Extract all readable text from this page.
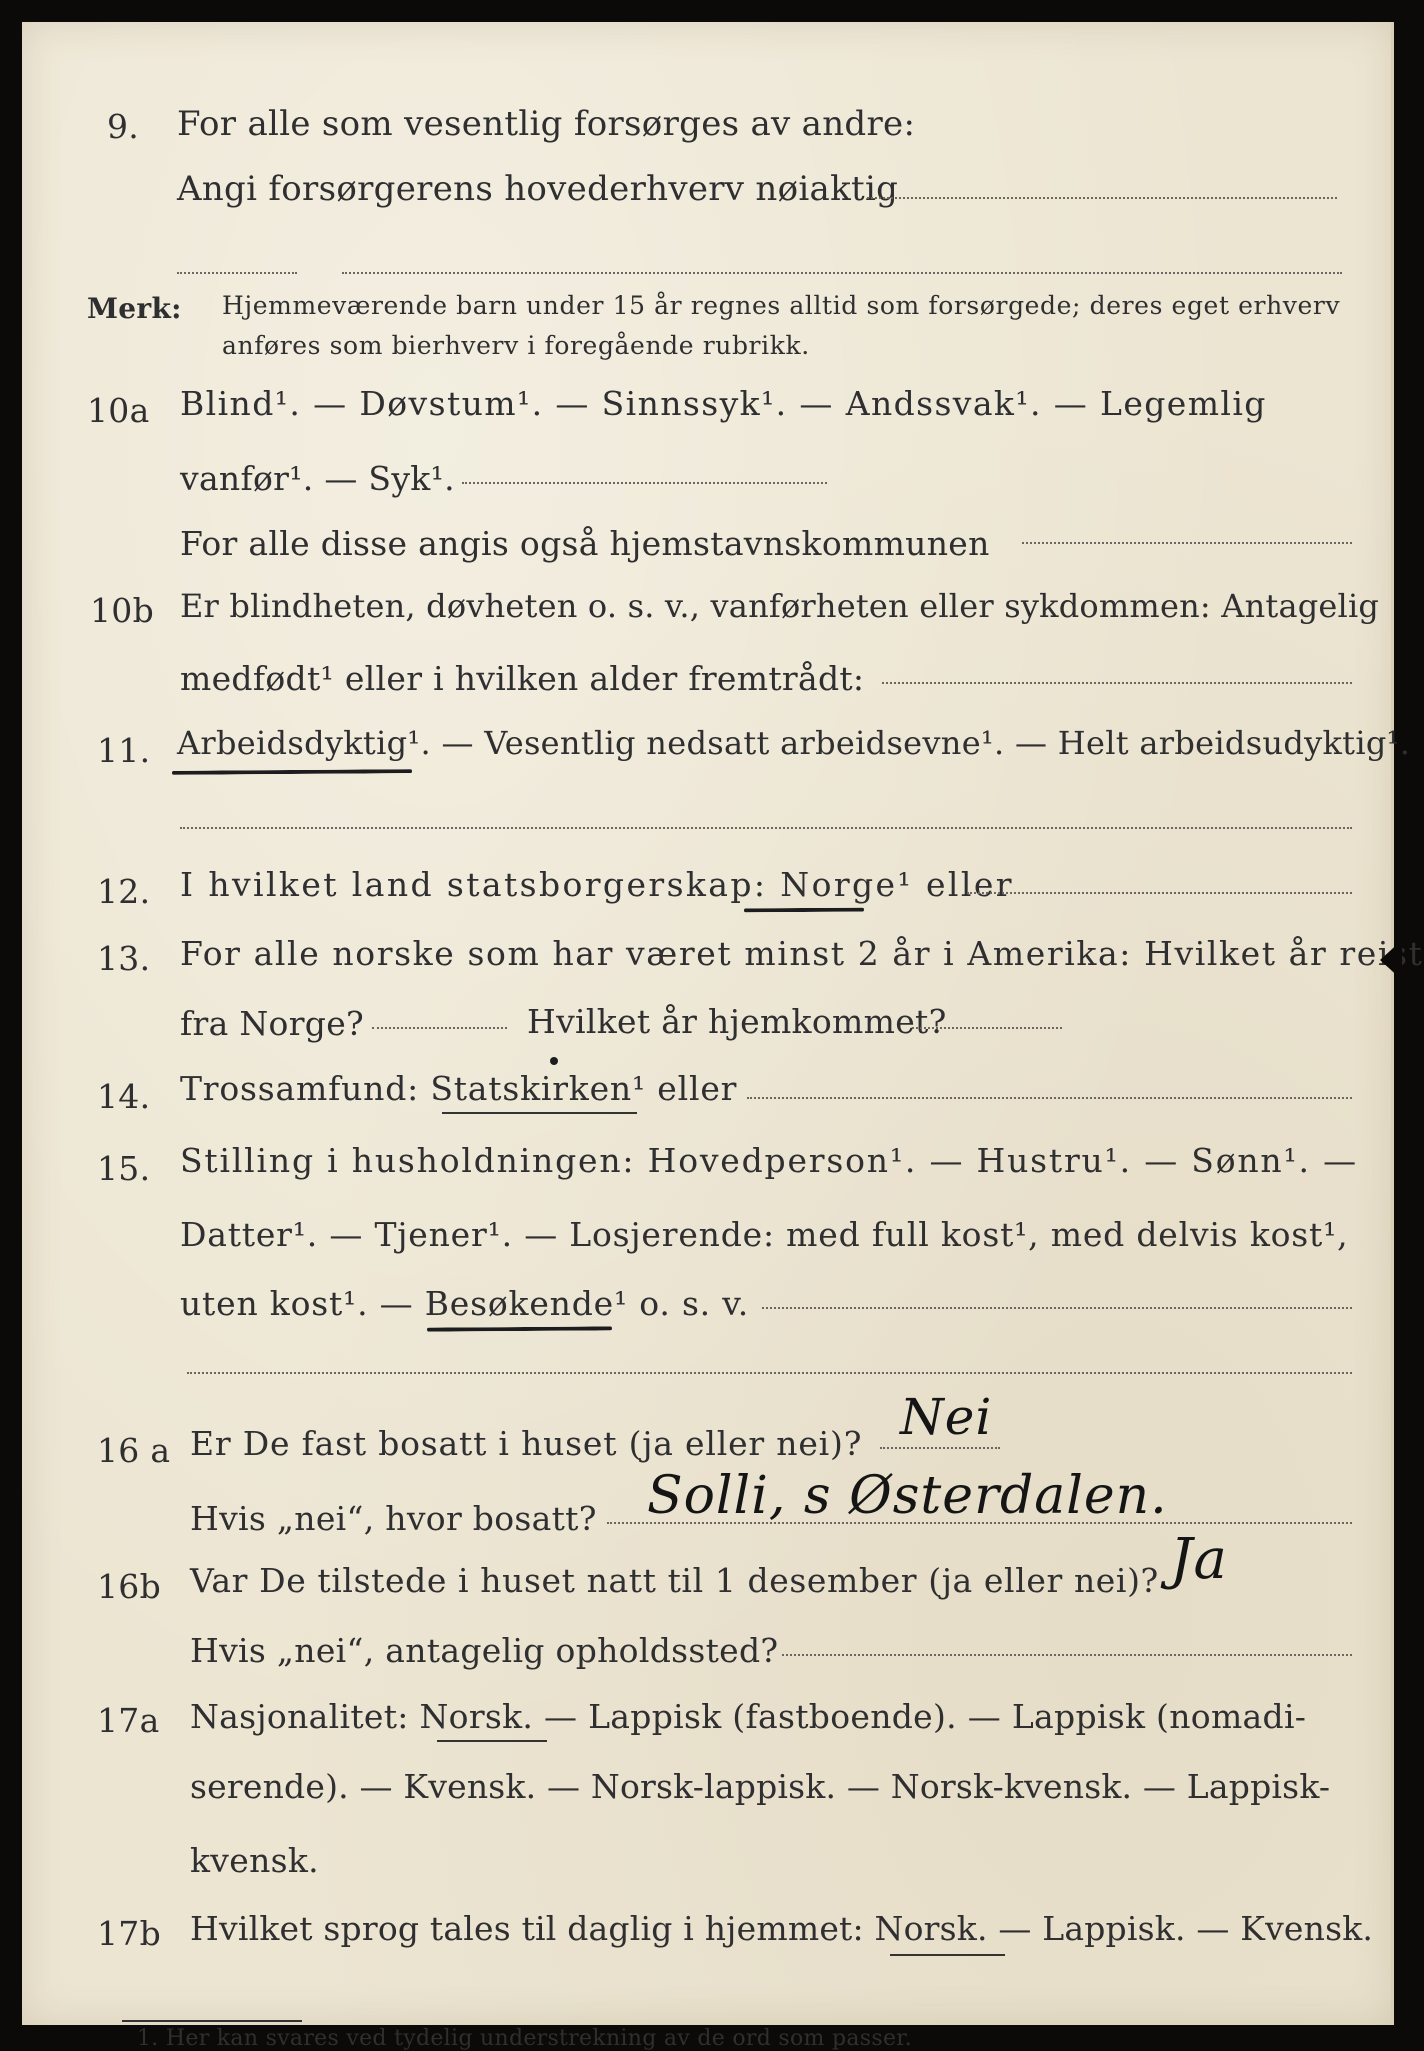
9. For alle som vesentlig forsørges av andre:
Angi forsørgerens hovederhverv nøiaktig
Merk: Hjemmeværende barn under 15 år regnes alltid som forsørgede; deres eget erhverv
anføres som bierhverv i foregående rubrikk.
10a Blind¹. — Døvstum¹. — Sinnssyk¹. — Andssvak¹. — Legemlig
vanfør¹. — Syk¹.
For alle disse angis også hjemstavnskommunen
10b Er blindheten, døvheten o. s. v., vanførheten eller sykdommen: Antagelig
medfødt¹ eller i hvilken alder fremtrådt:
11. Arbeidsdyktig¹. — Vesentlig nedsatt arbeidsevne¹. — Helt arbeidsudyktig¹.
12. I hvilket land statsborgerskap: Norge¹ eller
13. For alle norske som har været minst 2 år i Amerika: Hvilket år reist
fra Norge?	Hvilket år hjemkommet?
14. Trossamfund: Statskirken¹ eller
15. Stilling i husholdningen: Hovedperson¹. — Hustru¹. — Sønn¹. —
Datter¹. — Tjener¹. — Losjerende: med full kost¹, med delvis kost¹,
uten kost¹. — Besøkende¹ o. s. v.
16 a Er De fast bosatt i huset (ja eller nei)? Nei
Hvis „nei“, hvor bosatt? Solli, s Østerdalen.
16b Var De tilstede i huset natt til 1 desember (ja eller nei)? Ja
Hvis „nei“, antagelig opholdssted?
17a Nasjonalitet: Norsk. — Lappisk (fastboende). — Lappisk (nomadi-
serende). — Kvensk. — Norsk-lappisk. — Norsk-kvensk. — Lappisk-
kvensk.
17b Hvilket sprog tales til daglig i hjemmet: Norsk. — Lappisk. — Kvensk.
1. Her kan svares ved tydelig understrekning av de ord som passer.
